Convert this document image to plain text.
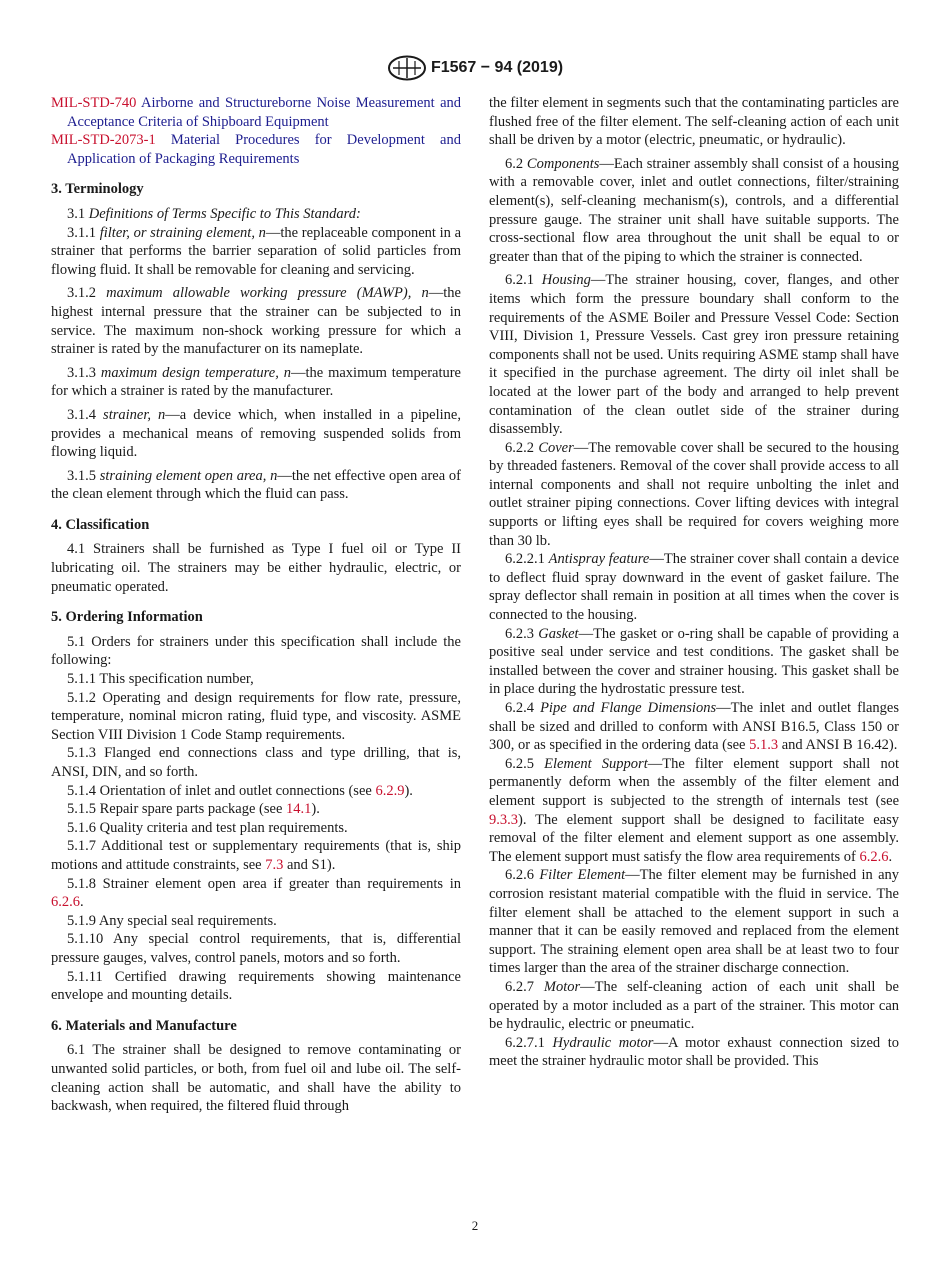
F1567 − 94 (2019)

MIL-STD-740 Airborne and Structureborne Noise Measurement and Acceptance Criteria of Shipboard Equipment

MIL-STD-2073-1 Material Procedures for Development and Application of Packaging Requirements

3. Terminology

3.1 Definitions of Terms Specific to This Standard:

3.1.1 filter, or straining element, n—the replaceable component in a strainer that performs the barrier separation of solid particles from flowing fluid. It shall be removable for cleaning and servicing.

3.1.2 maximum allowable working pressure (MAWP), n—the highest internal pressure that the strainer can be subjected to in service. The maximum non-shock working pressure for which a strainer is rated by the manufacturer on its nameplate.

3.1.3 maximum design temperature, n—the maximum temperature for which a strainer is rated by the manufacturer.

3.1.4 strainer, n—a device which, when installed in a pipeline, provides a mechanical means of removing suspended solids from flowing liquid.

3.1.5 straining element open area, n—the net effective open area of the clean element through which the fluid can pass.

4. Classification

4.1 Strainers shall be furnished as Type I fuel oil or Type II lubricating oil. The strainers may be either hydraulic, electric, or pneumatic operated.

5. Ordering Information

5.1 Orders for strainers under this specification shall include the following:

5.1.1 This specification number,

5.1.2 Operating and design requirements for flow rate, pressure, temperature, nominal micron rating, fluid type, and viscosity. ASME Section VIII Division 1 Code Stamp requirements.

5.1.3 Flanged end connections class and type drilling, that is, ANSI, DIN, and so forth.

5.1.4 Orientation of inlet and outlet connections (see 6.2.9).

5.1.5 Repair spare parts package (see 14.1).

5.1.6 Quality criteria and test plan requirements.

5.1.7 Additional test or supplementary requirements (that is, ship motions and attitude constraints, see 7.3 and S1).

5.1.8 Strainer element open area if greater than requirements in 6.2.6.

5.1.9 Any special seal requirements.

5.1.10 Any special control requirements, that is, differential pressure gauges, valves, control panels, motors and so forth.

5.1.11 Certified drawing requirements showing maintenance envelope and mounting details.

6. Materials and Manufacture

6.1 The strainer shall be designed to remove contaminating or unwanted solid particles, or both, from fuel oil and lube oil. The self-cleaning action shall be automatic, and shall have the ability to backwash, when required, the filtered fluid through

the filter element in segments such that the contaminating particles are flushed free of the filter element. The self-cleaning action of each unit shall be driven by a motor (electric, pneumatic, or hydraulic).

6.2 Components—Each strainer assembly shall consist of a housing with a removable cover, inlet and outlet connections, filter/straining element(s), self-cleaning mechanism(s), controls, and a differential pressure gauge. The strainer unit shall have suitable supports. The cross-sectional flow area throughout the unit shall be equal to or greater than that of the piping to which the strainer is connected.

6.2.1 Housing—The strainer housing, cover, flanges, and other items which form the pressure boundary shall conform to the requirements of the ASME Boiler and Pressure Vessel Code: Section VIII, Division 1, Pressure Vessels. Cast grey iron pressure retaining components shall not be used. Units requiring ASME stamp shall have it specified in the purchase agreement. The dirty oil inlet shall be located at the lower part of the body and arranged to help prevent contamination of the clean outlet side of the strainer during disassembly.

6.2.2 Cover—The removable cover shall be secured to the housing by threaded fasteners. Removal of the cover shall provide access to all internal components and shall not require unbolting the inlet and outlet strainer piping connections. Cover lifting devices with integral supports or lifting eyes shall be required for covers weighing more than 30 lb.

6.2.2.1 Antispray feature—The strainer cover shall contain a device to deflect fluid spray downward in the event of gasket failure. The spray deflector shall remain in position at all times when the cover is connected to the housing.

6.2.3 Gasket—The gasket or o-ring shall be capable of providing a positive seal under service and test conditions. The gasket shall be installed between the cover and strainer housing. This gasket shall be in place during the hydrostatic pressure test.

6.2.4 Pipe and Flange Dimensions—The inlet and outlet flanges shall be sized and drilled to conform with ANSI B16.5, Class 150 or 300, or as specified in the ordering data (see 5.1.3 and ANSI B 16.42).

6.2.5 Element Support—The filter element support shall not permanently deform when the assembly of the filter element and element support is subjected to the strength of internals test (see 9.3.3). The element support shall be designed to facilitate easy removal of the filter element and element support as one assembly. The element support must satisfy the flow area requirements of 6.2.6.

6.2.6 Filter Element—The filter element may be furnished in any corrosion resistant material compatible with the fluid in service. The filter element shall be attached to the element support in such a manner that it can be easily removed and replaced from the element support. The straining element open area shall be at least two to four times larger than the area of the strainer discharge connection.

6.2.7 Motor—The self-cleaning action of each unit shall be operated by a motor included as a part of the strainer. This motor can be hydraulic, electric or pneumatic.

6.2.7.1 Hydraulic motor—A motor exhaust connection sized to meet the strainer hydraulic motor shall be provided. This

2
